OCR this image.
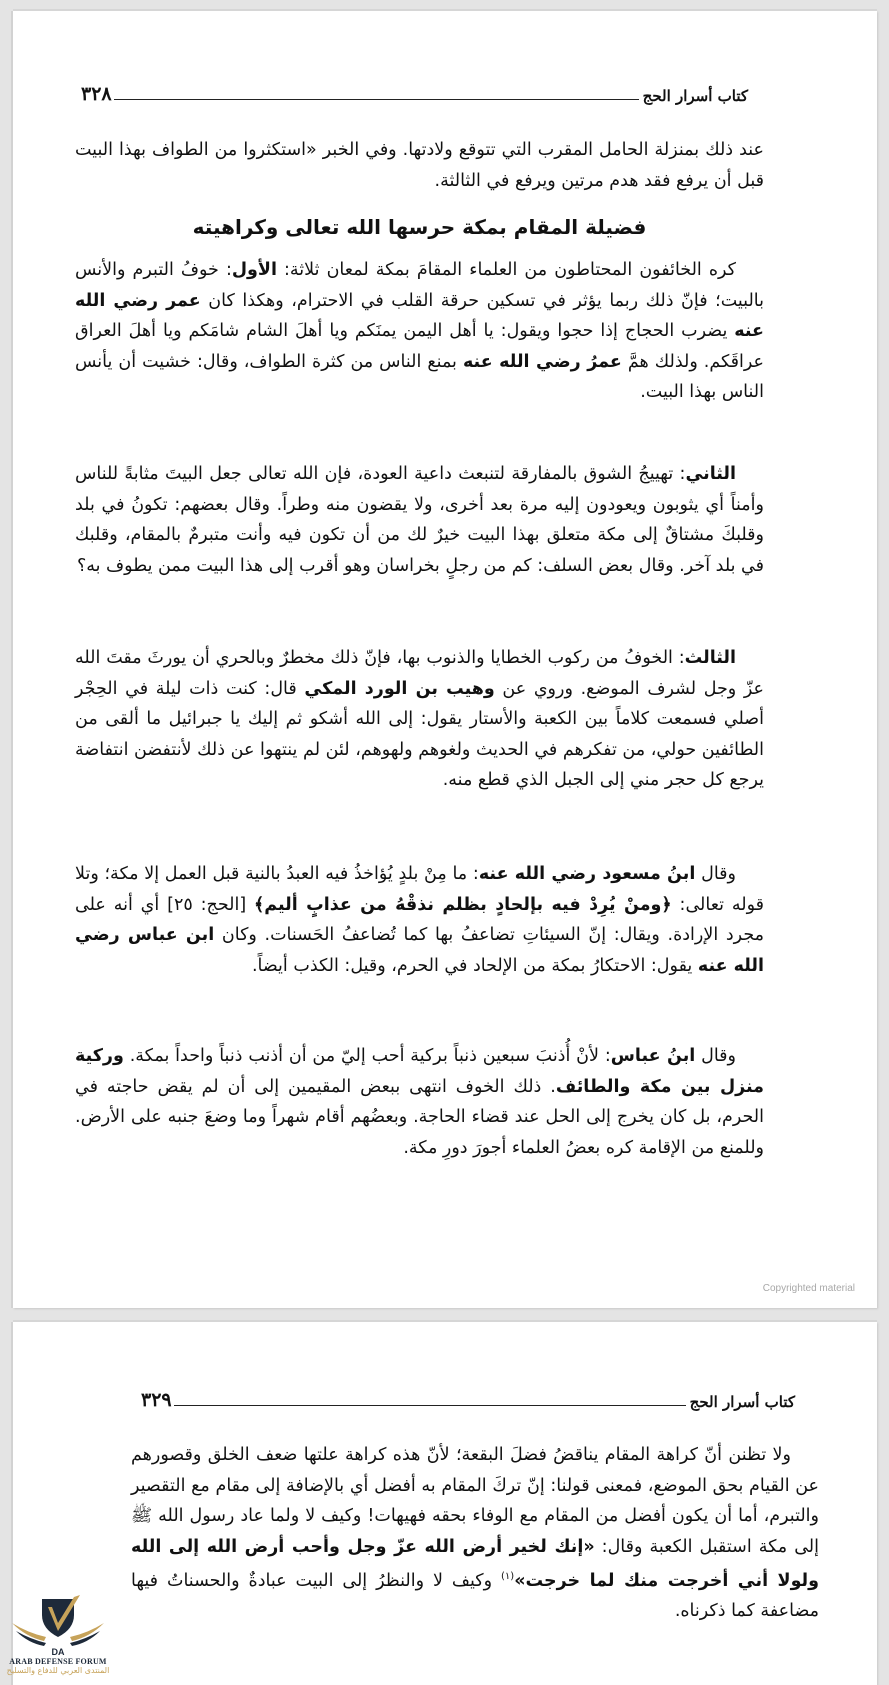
كتاب أسرار الحج
٣٢٨

عند ذلك بمنزلة الحامل المقرب التي تتوقع ولادتها. وفي الخبر «استكثروا من الطواف بهذا البيت قبل أن يرفع فقد هدم مرتين ويرفع في الثالثة.

فضيلة المقام بمكة حرسها الله تعالى وكراهيته

كره الخائفون المحتاطون من العلماء المقامَ بمكة لمعان ثلاثة: الأول: خوفُ التبرم والأنس بالبيت؛ فإنّ ذلك ربما يؤثر في تسكين حرقة القلب في الاحترام، وهكذا كان عمر رضي الله عنه يضرب الحجاج إذا حجوا ويقول: يا أهل اليمن يمنَكم ويا أهلَ الشام شامَكم ويا أهلَ العراق عراقَكم. ولذلك همَّ عمرُ رضي الله عنه بمنع الناس من كثرة الطواف، وقال: خشيت أن يأنس الناس بهذا البيت.

الثاني: تهييجُ الشوق بالمفارقة لتنبعث داعية العودة، فإن الله تعالى جعل البيتَ مثابةً للناس وأمناً أي يثوبون ويعودون إليه مرة بعد أخرى، ولا يقضون منه وطراً. وقال بعضهم: تكونُ في بلد وقلبكَ مشتاقٌ إلى مكة متعلق بهذا البيت خيرٌ لك من أن تكون فيه وأنت متبرمٌ بالمقام، وقلبك في بلد آخر. وقال بعض السلف: كم من رجلٍ بخراسان وهو أقرب إلى هذا البيت ممن يطوف به؟

الثالث: الخوفُ من ركوب الخطايا والذنوب بها، فإنّ ذلك مخطرٌ وبالحري أن يورثَ مقتَ الله عزّ وجل لشرف الموضع. وروي عن وهيب بن الورد المكي قال: كنت ذات ليلة في الحِجْر أصلي فسمعت كلاماً بين الكعبة والأستار يقول: إلى الله أشكو ثم إليك يا جبرائيل ما ألقى من الطائفين حولي، من تفكرهم في الحديث ولغوهم ولهوهم، لئن لم ينتهوا عن ذلك لأنتفضن انتفاضة يرجع كل حجر مني إلى الجبل الذي قطع منه.

وقال ابنُ مسعود رضي الله عنه: ما مِنْ بلدٍ يُؤاخذُ فيه العبدُ بالنية قبل العمل إلا مكة؛ وتلا قوله تعالى: ﴿ومنْ يُرِدْ فيه بإلحادٍ بظلم نذقْهُ من عذابٍ أليم﴾ [الحج: ٢٥] أي أنه على مجرد الإرادة. ويقال: إنّ السيئاتِ تضاعفُ بها كما تُضاعفُ الحَسنات. وكان ابن عباس رضي الله عنه يقول: الاحتكارُ بمكة من الإلحاد في الحرم، وقيل: الكذب أيضاً.

وقال ابنُ عباس: لأنْ أُذنبَ سبعين ذنباً بركية أحب إليّ من أن أذنب ذنباً واحداً بمكة. وركية منزل بين مكة والطائف. ذلك الخوف انتهى ببعض المقيمين إلى أن لم يقض حاجته في الحرم، بل كان يخرج إلى الحل عند قضاء الحاجة. وبعضُهم أقام شهراً وما وضعَ جنبه على الأرض. وللمنع من الإقامة كره بعضُ العلماء أجورَ دورِ مكة.

Copyrighted material
كتاب أسرار الحج
٣٢٩

ولا تظنن أنّ كراهة المقام يناقضُ فضلَ البقعة؛ لأنّ هذه كراهة علتها ضعف الخلق وقصورهم عن القيام بحق الموضع، فمعنى قولنا: إنّ تركَ المقام به أفضل أي بالإضافة إلى مقام مع التقصير والتبرم، أما أن يكون أفضل من المقام مع الوفاء بحقه فهيهات! وكيف لا ولما عاد رسول الله ﷺ إلى مكة استقبل الكعبة وقال: «إنك لخير أرض الله عزّ وجل وأحب أرض الله إلى الله ولولا أني أخرجت منك لما خرجت»$^{(١)}$ وكيف لا والنظرُ إلى البيت عبادةٌ والحسناتُ فيها مضاعفة كما ذكرناه.

DA
ARAB DEFENSE FORUM
المنتدى العربي للدفاع والتسليح
